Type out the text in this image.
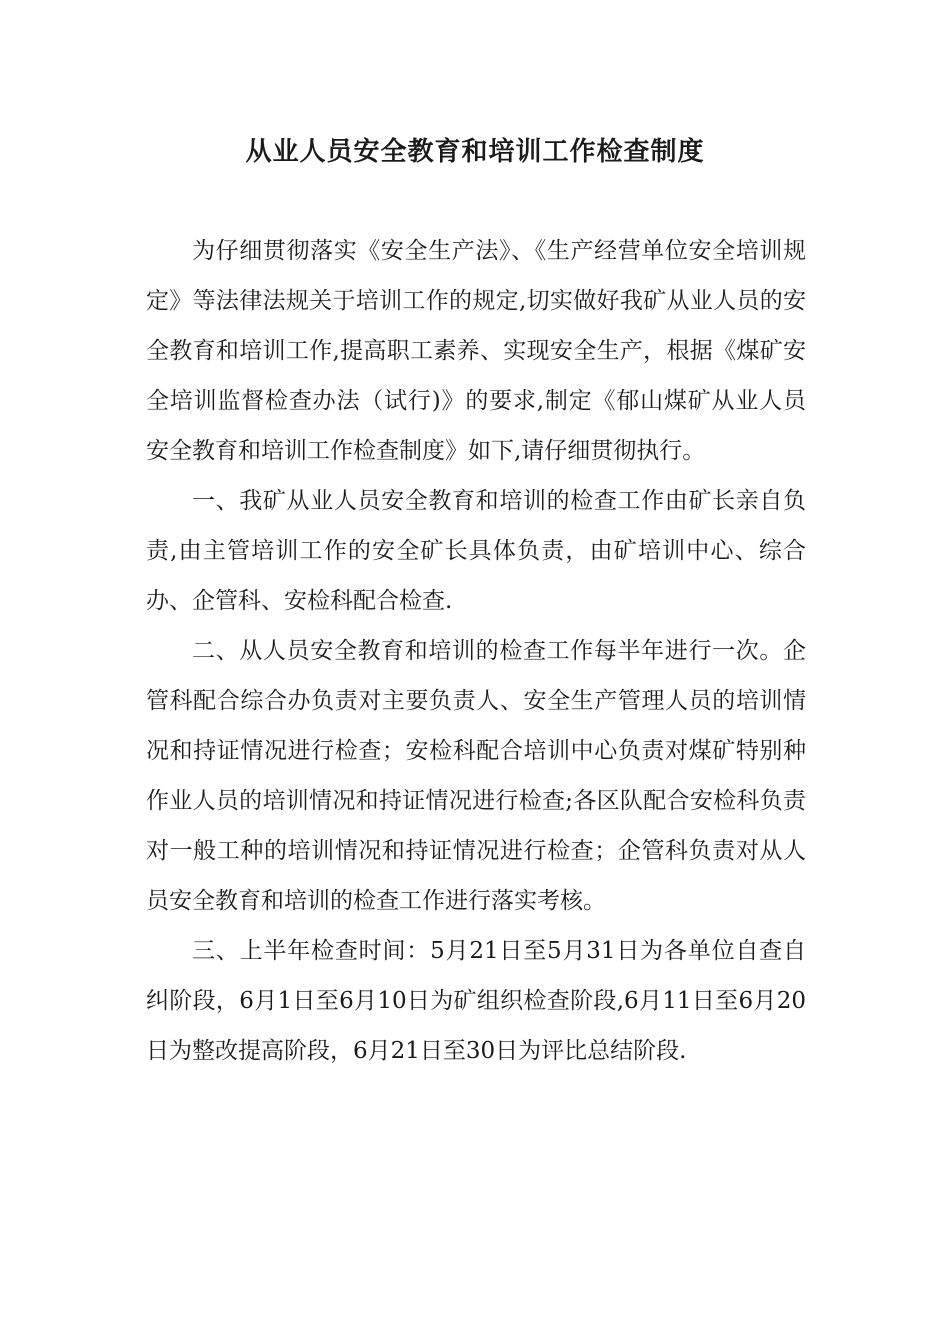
从业人员安全教育和培训工作检查制度

为仔细贯彻落实《安全生产法》、《生产经营单位安全培训规定》等法律法规关于培训工作的规定,切实做好我矿从业人员的安全教育和培训工作,提高职工素养、实现安全生产，根据《煤矿安全培训监督检查办法（试行)》的要求,制定《郁山煤矿从业人员安全教育和培训工作检查制度》如下,请仔细贯彻执行。

一、我矿从业人员安全教育和培训的检查工作由矿长亲自负责,由主管培训工作的安全矿长具体负责，由矿培训中心、综合办、企管科、安检科配合检查.

二、从人员安全教育和培训的检查工作每半年进行一次。企管科配合综合办负责对主要负责人、安全生产管理人员的培训情况和持证情况进行检查；安检科配合培训中心负责对煤矿特别种作业人员的培训情况和持证情况进行检查;各区队配合安检科负责对一般工种的培训情况和持证情况进行检查；企管科负责对从人员安全教育和培训的检查工作进行落实考核。

三、上半年检查时间：5月21日至5月31日为各单位自查自纠阶段，6月1日至6月10日为矿组织检查阶段,6月11日至6月20日为整改提高阶段，6月21日至30日为评比总结阶段.
